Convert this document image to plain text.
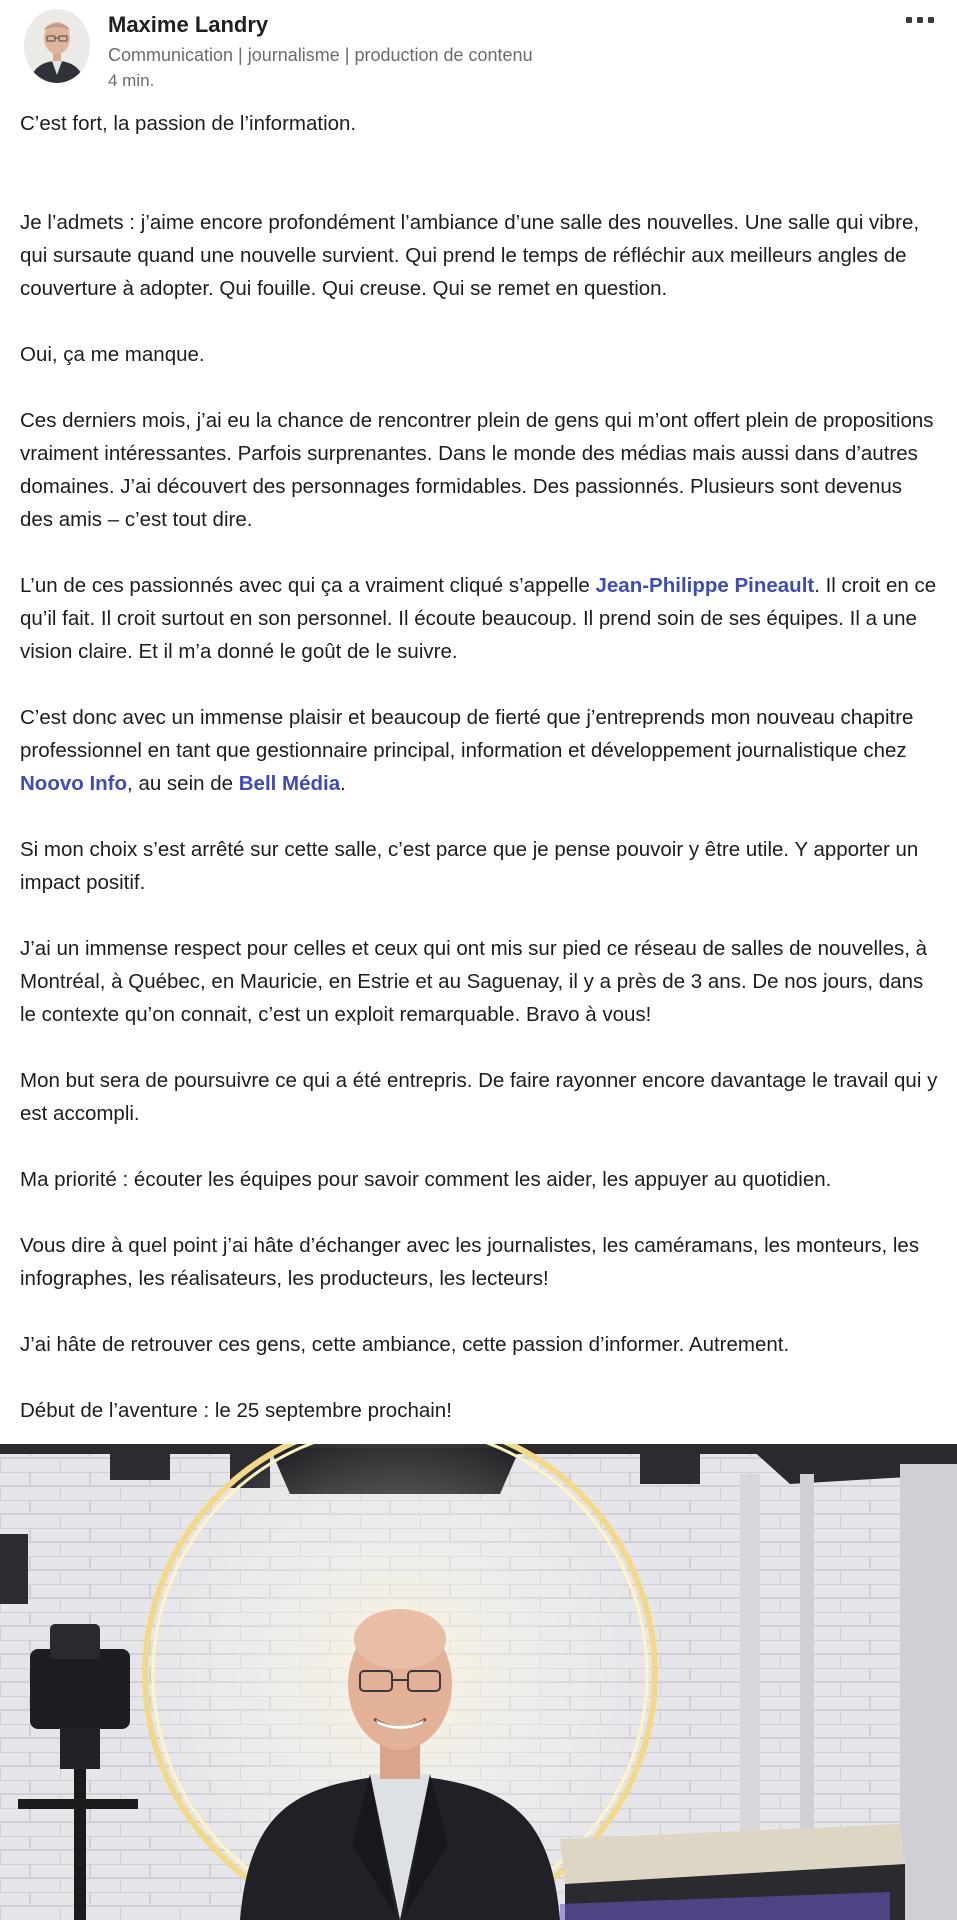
Maxime Landry
Communication | journalisme | production de contenu
4 min.

C’est fort, la passion de l’information.

Je l’admets : j’aime encore profondément l’ambiance d’une salle des nouvelles. Une salle qui vibre, qui sursaute quand une nouvelle survient. Qui prend le temps de réfléchir aux meilleurs angles de couverture à adopter. Qui fouille. Qui creuse. Qui se remet en question.

Oui, ça me manque.

Ces derniers mois, j’ai eu la chance de rencontrer plein de gens qui m’ont offert plein de propositions vraiment intéressantes. Parfois surprenantes. Dans le monde des médias mais aussi dans d’autres domaines. J’ai découvert des personnages formidables. Des passionnés. Plusieurs sont devenus des amis – c’est tout dire.

L’un de ces passionnés avec qui ça a vraiment cliqué s’appelle Jean-Philippe Pineault. Il croit en ce qu’il fait. Il croit surtout en son personnel. Il écoute beaucoup. Il prend soin de ses équipes. Il a une vision claire. Et il m’a donné le goût de le suivre.

C’est donc avec un immense plaisir et beaucoup de fierté que j’entreprends mon nouveau chapitre professionnel en tant que gestionnaire principal, information et développement journalistique chez Noovo Info, au sein de Bell Média.

Si mon choix s’est arrêté sur cette salle, c’est parce que je pense pouvoir y être utile. Y apporter un impact positif.

J’ai un immense respect pour celles et ceux qui ont mis sur pied ce réseau de salles de nouvelles, à Montréal, à Québec, en Mauricie, en Estrie et au Saguenay, il y a près de 3 ans. De nos jours, dans le contexte qu’on connait, c’est un exploit remarquable. Bravo à vous!

Mon but sera de poursuivre ce qui a été entrepris. De faire rayonner encore davantage le travail qui y est accompli.

Ma priorité : écouter les équipes pour savoir comment les aider, les appuyer au quotidien.

Vous dire à quel point j’ai hâte d’échanger avec les journalistes, les caméramans, les monteurs, les infographes, les réalisateurs, les producteurs, les lecteurs!

J’ai hâte de retrouver ces gens, cette ambiance, cette passion d’informer. Autrement.

Début de l’aventure : le 25 septembre prochain!
